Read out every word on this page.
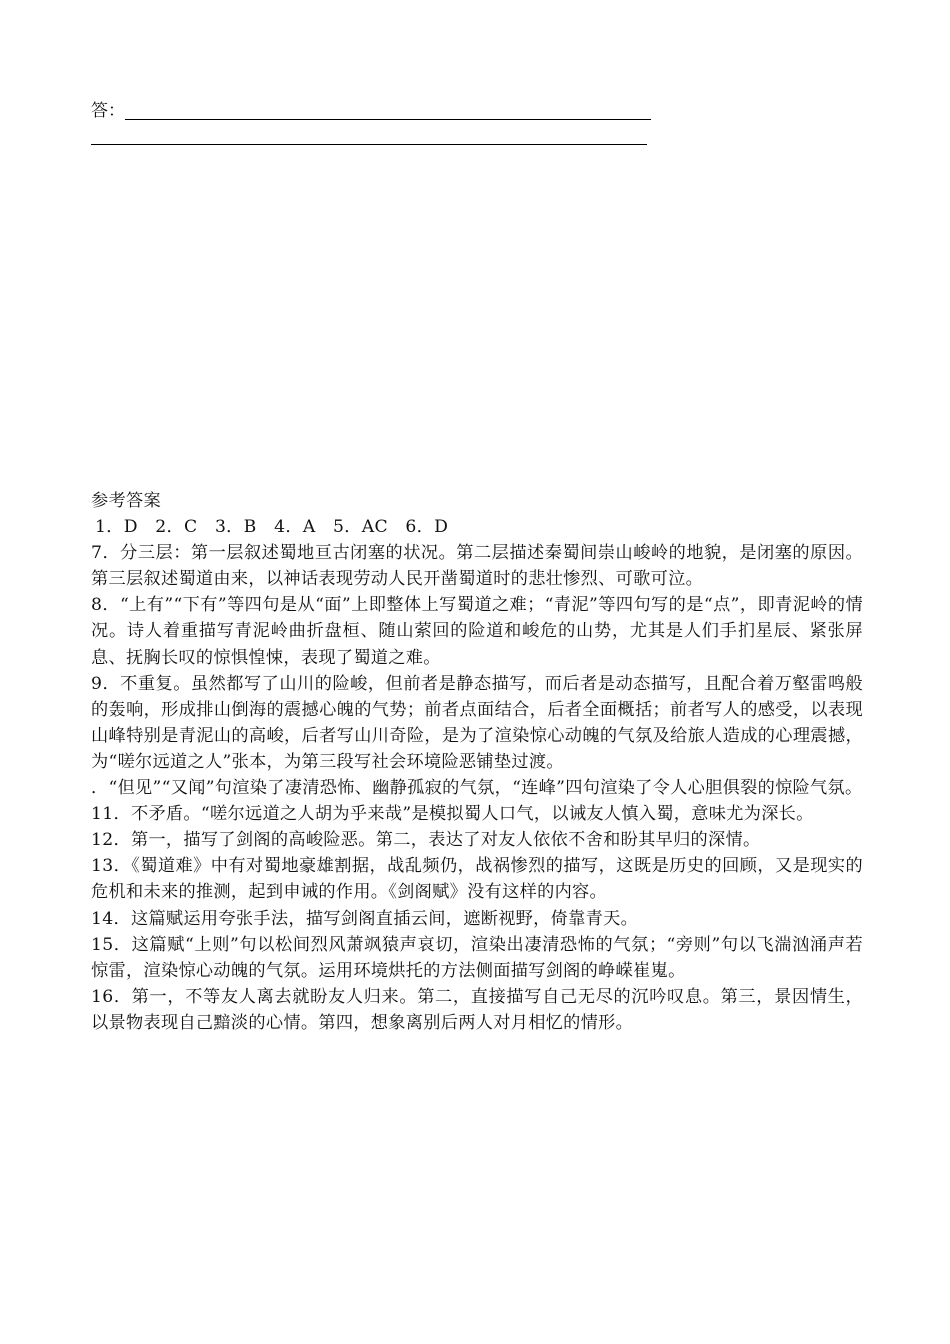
答：

参考答案

1．D　2．C　3．B　4．A　5．AC　6．D

7．分三层：第一层叙述蜀地亘古闭塞的状况。第二层描述秦蜀间崇山峻岭的地貌，是闭塞的原因。第三层叙述蜀道由来，以神话表现劳动人民开凿蜀道时的悲壮惨烈、可歌可泣。

8．“上有”“下有”等四句是从“面”上即整体上写蜀道之难；“青泥”等四句写的是“点”，即青泥岭的情况。诗人着重描写青泥岭曲折盘桓、随山萦回的险道和峻危的山势，尤其是人们手扪星辰、紧张屏息、抚胸长叹的惊惧惶悚，表现了蜀道之难。

9．不重复。虽然都写了山川的险峻，但前者是静态描写，而后者是动态描写，且配合着万壑雷鸣般的轰响，形成排山倒海的震撼心魄的气势；前者点面结合，后者全面概括；前者写人的感受，以表现山峰特别是青泥山的高峻，后者写山川奇险，是为了渲染惊心动魄的气氛及给旅人造成的心理震撼，为“嗟尔远道之人”张本，为第三段写社会环境险恶铺垫过渡。

．“但见”“又闻”句渲染了凄清恐怖、幽静孤寂的气氛，“连峰”四句渲染了令人心胆俱裂的惊险气氛。

11．不矛盾。“嗟尔远道之人胡为乎来哉”是模拟蜀人口气，以诫友人慎入蜀，意味尤为深长。

12．第一，描写了剑阁的高峻险恶。第二，表达了对友人依依不舍和盼其早归的深情。

13．《蜀道难》中有对蜀地豪雄割据，战乱频仍，战祸惨烈的描写，这既是历史的回顾，又是现实的危机和未来的推测，起到申诫的作用。《剑阁赋》没有这样的内容。

14．这篇赋运用夸张手法，描写剑阁直插云间，遮断视野，倚靠青天。

15．这篇赋“上则”句以松间烈风萧飒猿声哀切，渲染出凄清恐怖的气氛；“旁则”句以飞湍汹涌声若惊雷，渲染惊心动魄的气氛。运用环境烘托的方法侧面描写剑阁的峥嵘崔嵬。

16．第一，不等友人离去就盼友人归来。第二，直接描写自己无尽的沉吟叹息。第三，景因情生，以景物表现自己黯淡的心情。第四，想象离别后两人对月相忆的情形。
